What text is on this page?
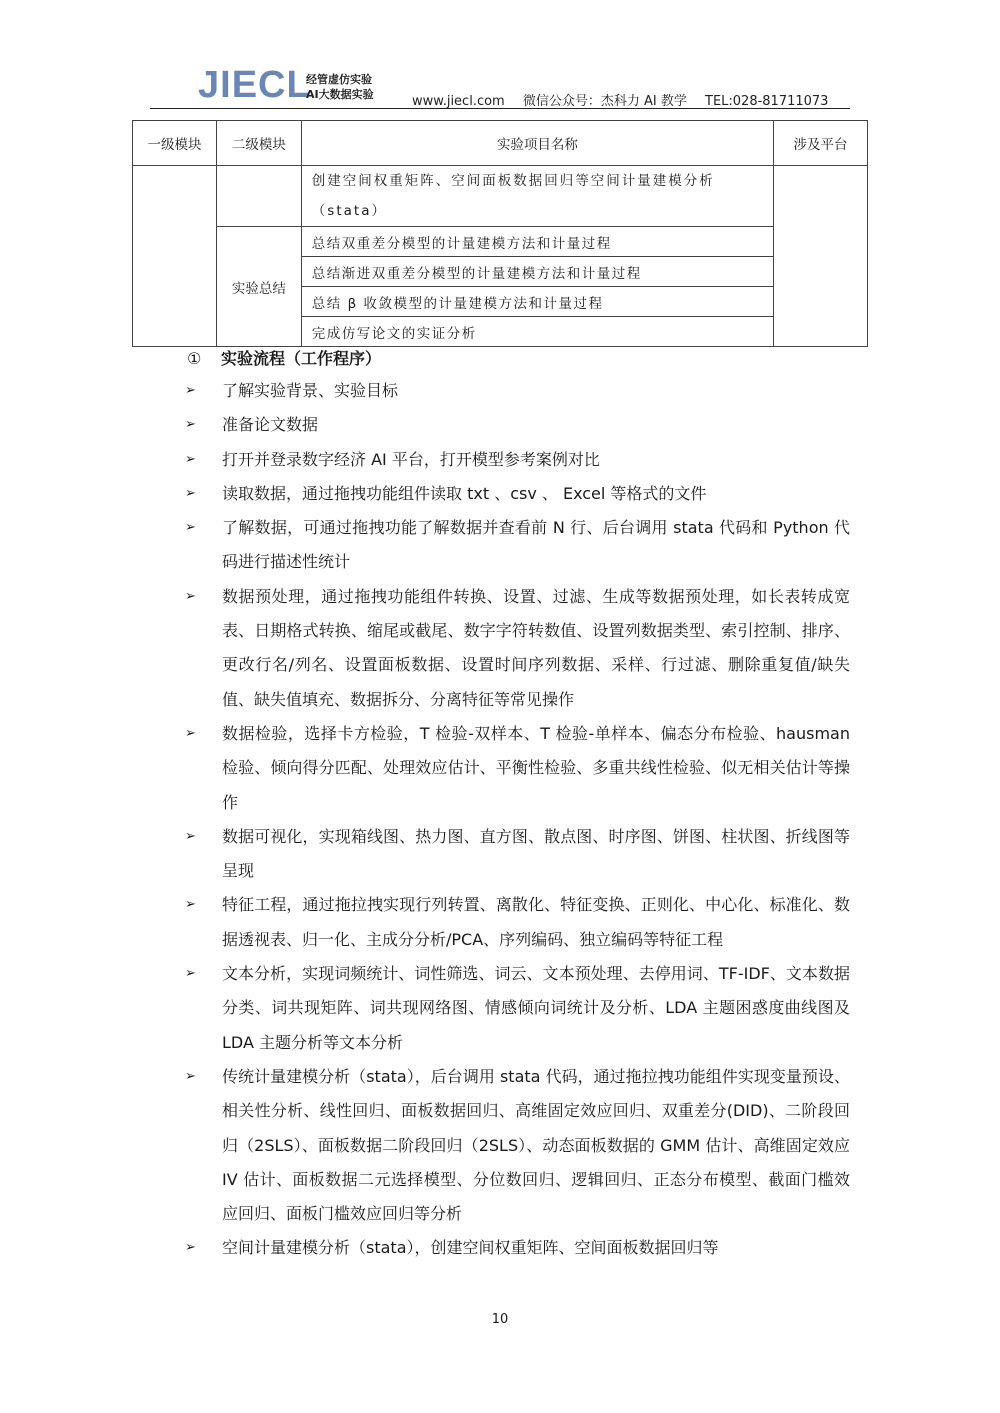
JIECL
经管虚仿实验
AI大数据实验	www.jiecl.com 微信公众号：杰科力 AI 教学 TEL:028-81711073
一级模块	二级模块	实验项目名称	涉及平台
		创建空间权重矩阵、空间面板数据回归等空间计量建模分析（stata）	
	实验总结	总结双重差分模型的计量建模方法和计量过程	
		总结渐进双重差分模型的计量建模方法和计量过程	
		总结 β 收敛模型的计量建模方法和计量过程	
		完成仿写论文的实证分析	
① 实验流程（工作程序）
➢ 了解实验背景、实验目标
➢ 准备论文数据
➢ 打开并登录数字经济 AI 平台，打开模型参考案例对比
➢ 读取数据，通过拖拽功能组件读取 txt 、csv 、 Excel 等格式的文件
➢ 了解数据，可通过拖拽功能了解数据并查看前 N 行、后台调用 stata 代码和 Python 代码进行描述性统计
➢ 数据预处理，通过拖拽功能组件转换、设置、过滤、生成等数据预处理，如长表转成宽表、日期格式转换、缩尾或截尾、数字字符转数值、设置列数据类型、索引控制、排序、更改行名/列名、设置面板数据、设置时间序列数据、采样、行过滤、删除重复值/缺失值、缺失值填充、数据拆分、分离特征等常见操作
➢ 数据检验，选择卡方检验，T 检验-双样本、T 检验-单样本、偏态分布检验、hausman 检验、倾向得分匹配、处理效应估计、平衡性检验、多重共线性检验、似无相关估计等操作
➢ 数据可视化，实现箱线图、热力图、直方图、散点图、时序图、饼图、柱状图、折线图等呈现
➢ 特征工程，通过拖拉拽实现行列转置、离散化、特征变换、正则化、中心化、标准化、数据透视表、归一化、主成分分析/PCA、序列编码、独立编码等特征工程
➢ 文本分析，实现词频统计、词性筛选、词云、文本预处理、去停用词、TF-IDF、文本数据分类、词共现矩阵、词共现网络图、情感倾向词统计及分析、LDA 主题困惑度曲线图及 LDA 主题分析等文本分析
➢ 传统计量建模分析（stata），后台调用 stata 代码，通过拖拉拽功能组件实现变量预设、相关性分析、线性回归、面板数据回归、高维固定效应回归、双重差分(DID)、二阶段回归（2SLS）、面板数据二阶段回归（2SLS）、动态面板数据的 GMM 估计、高维固定效应 IV 估计、面板数据二元选择模型、分位数回归、逻辑回归、正态分布模型、截面门槛效应回归、面板门槛效应回归等分析
➢ 空间计量建模分析（stata），创建空间权重矩阵、空间面板数据回归等
10
